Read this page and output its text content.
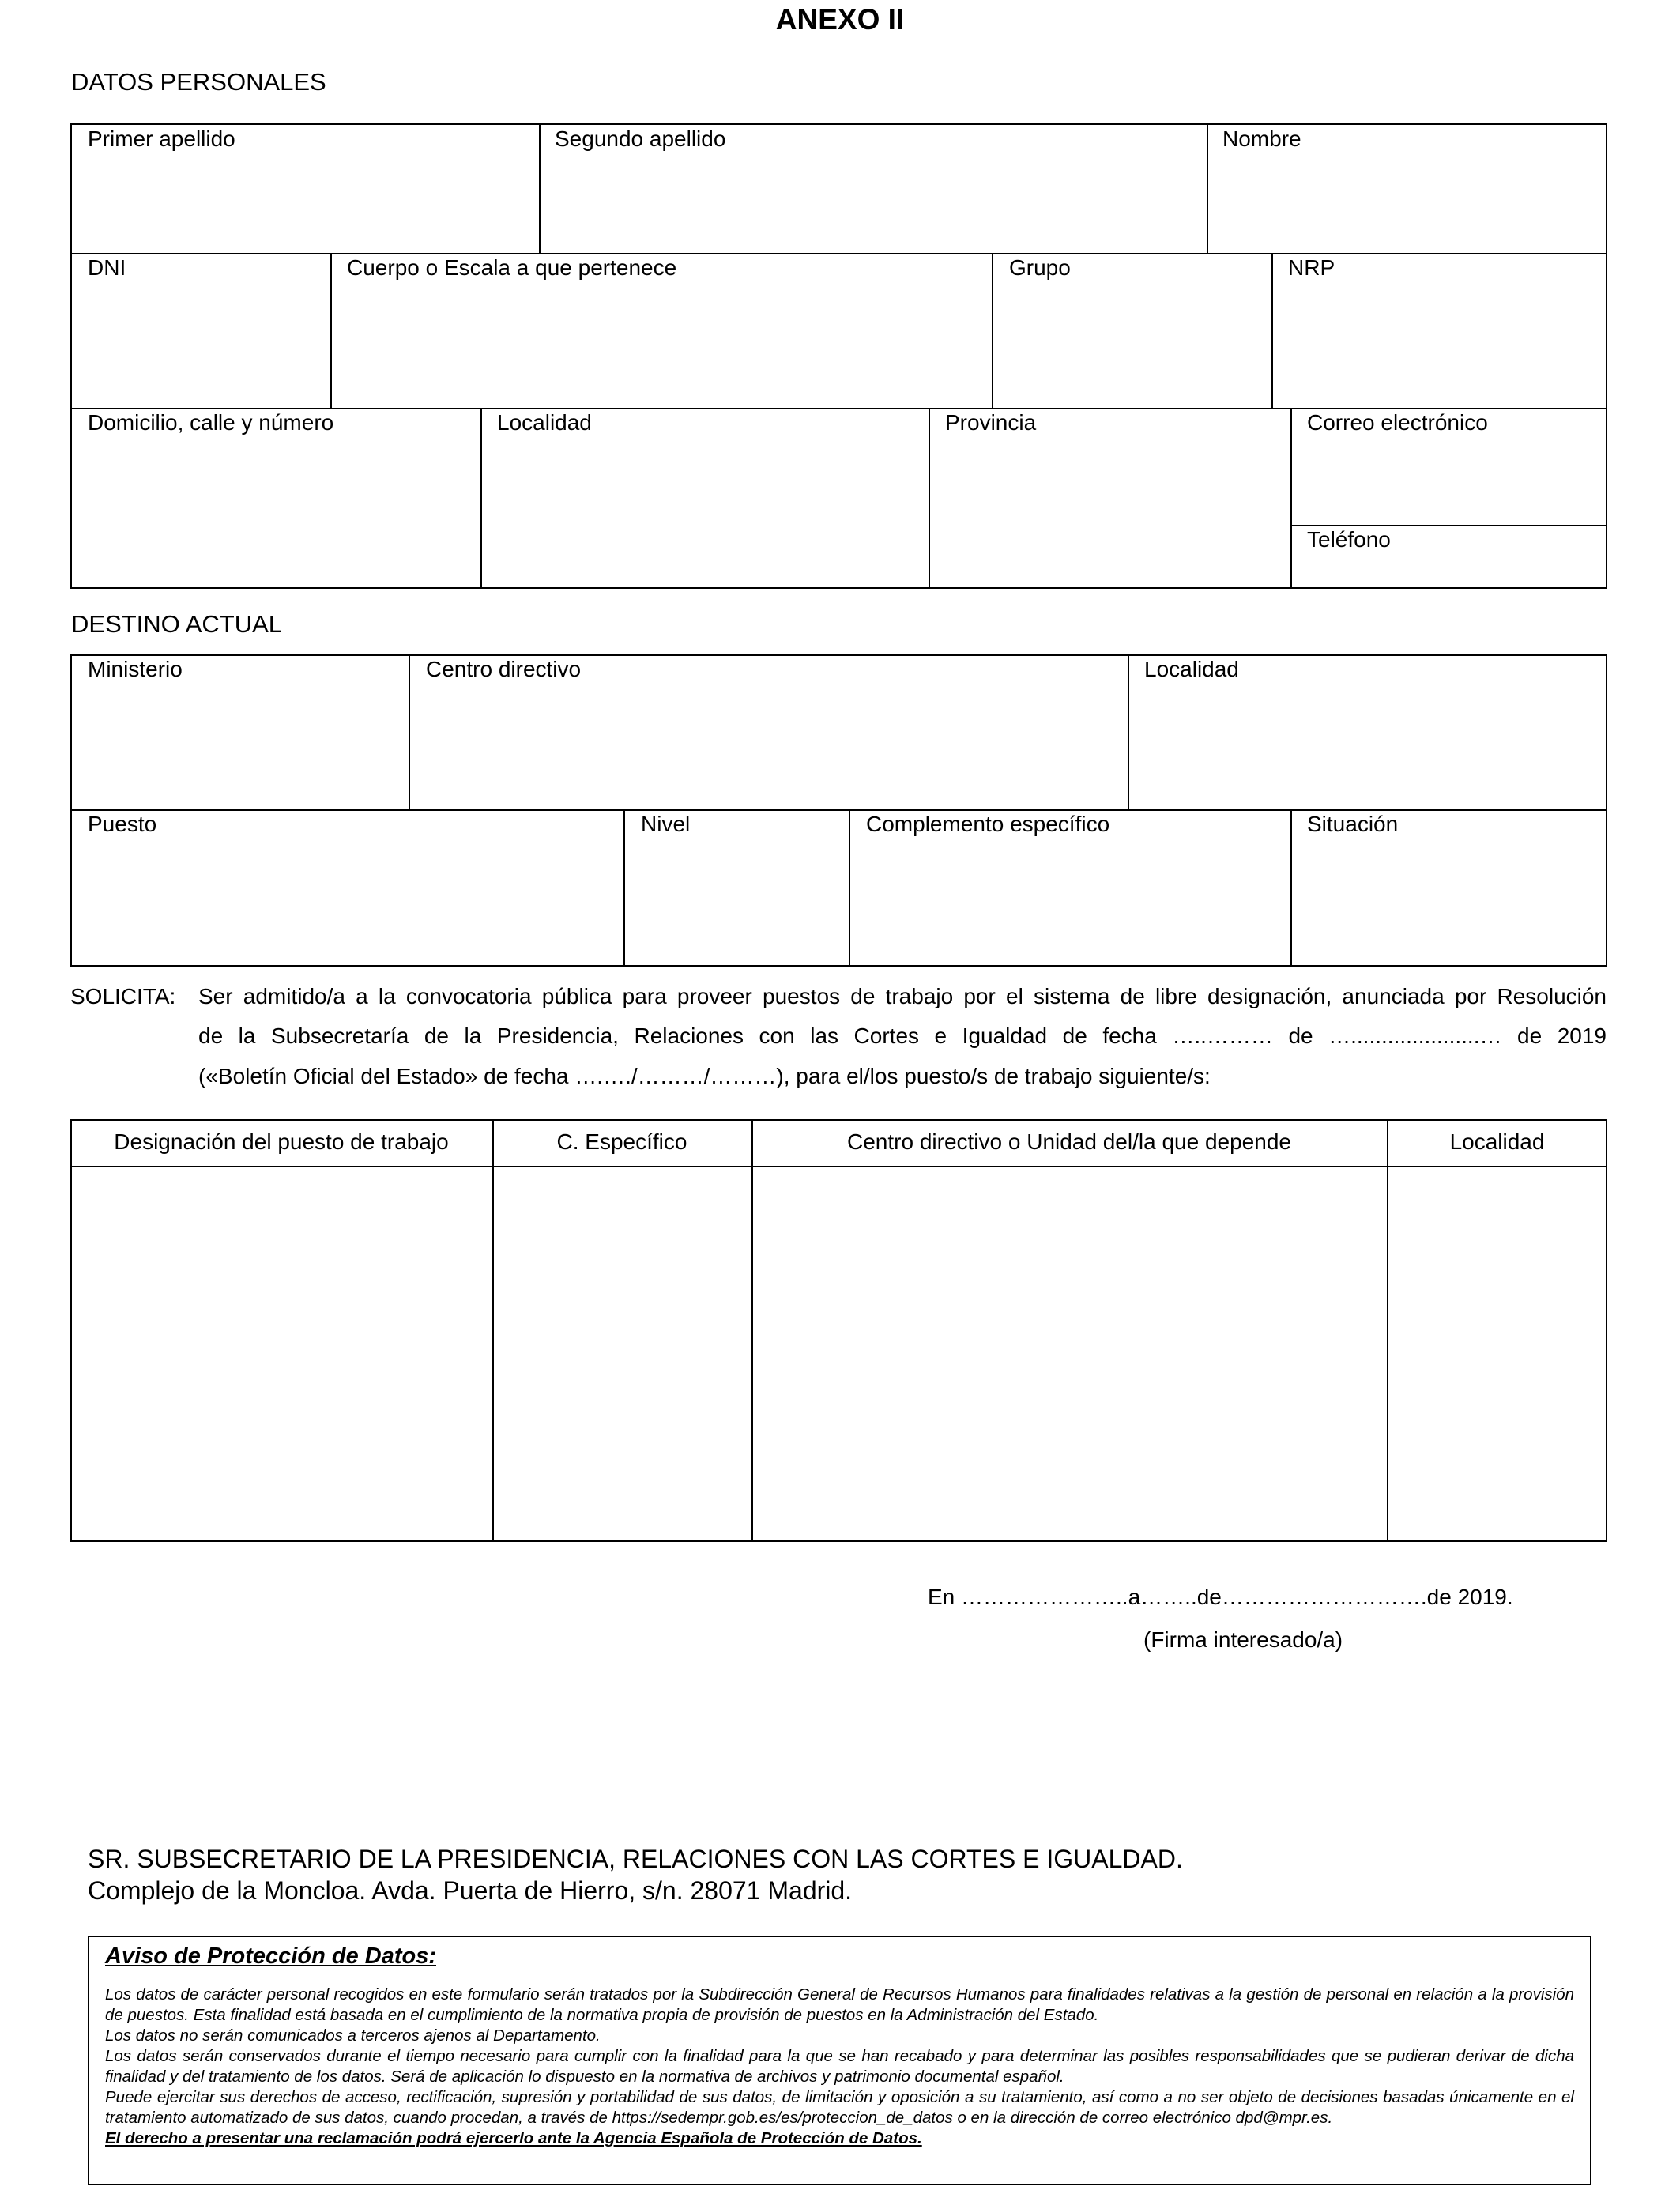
ANEXO II
DATOS PERSONALES
Primer apellido	Segundo apellido	Nombre
DNI	Cuerpo o Escala a que pertenece	Grupo	NRP
Domicilio, calle y número	Localidad	Provincia	Correo electrónico
Teléfono
DESTINO ACTUAL
Ministerio	Centro directivo	Localidad
Puesto	Nivel	Complemento específico	Situación
SOLICITA: Ser admitido/a a la convocatoria pública para proveer puestos de trabajo por el sistema de libre designación, anunciada por Resolución
de la Subsecretaría de la Presidencia, Relaciones con las Cortes e Igualdad de fecha …..……… de ….....................… de 2019
(«Boletín Oficial del Estado» de fecha ….…./………/………), para el/los puesto/s de trabajo siguiente/s:
Designación del puesto de trabajo	C. Específico	Centro directivo o Unidad del/la que depende	Localidad
En …………………..a……..de……………………….de 2019.
(Firma interesado/a)
SR. SUBSECRETARIO DE LA PRESIDENCIA, RELACIONES CON LAS CORTES E IGUALDAD.
Complejo de la Moncloa. Avda. Puerta de Hierro, s/n. 28071 Madrid.
Aviso de Protección de Datos:

Los datos de carácter personal recogidos en este formulario serán tratados por la Subdirección General de Recursos Humanos para finalidades relativas a la gestión de personal en relación a la provisión de puestos. Esta finalidad está basada en el cumplimiento de la normativa propia de provisión de puestos en la Administración del Estado.

Los datos no serán comunicados a terceros ajenos al Departamento.

Los datos serán conservados durante el tiempo necesario para cumplir con la finalidad para la que se han recabado y para determinar las posibles responsabilidades que se pudieran derivar de dicha finalidad y del tratamiento de los datos. Será de aplicación lo dispuesto en la normativa de archivos y patrimonio documental español.

Puede ejercitar sus derechos de acceso, rectificación, supresión y portabilidad de sus datos, de limitación y oposición a su tratamiento, así como a no ser objeto de decisiones basadas únicamente en el tratamiento automatizado de sus datos, cuando procedan, a través de https://sedempr.gob.es/es/proteccion_de_datos o en la dirección de correo electrónico dpd@mpr.es.

El derecho a presentar una reclamación podrá ejercerlo ante la Agencia Española de Protección de Datos.
